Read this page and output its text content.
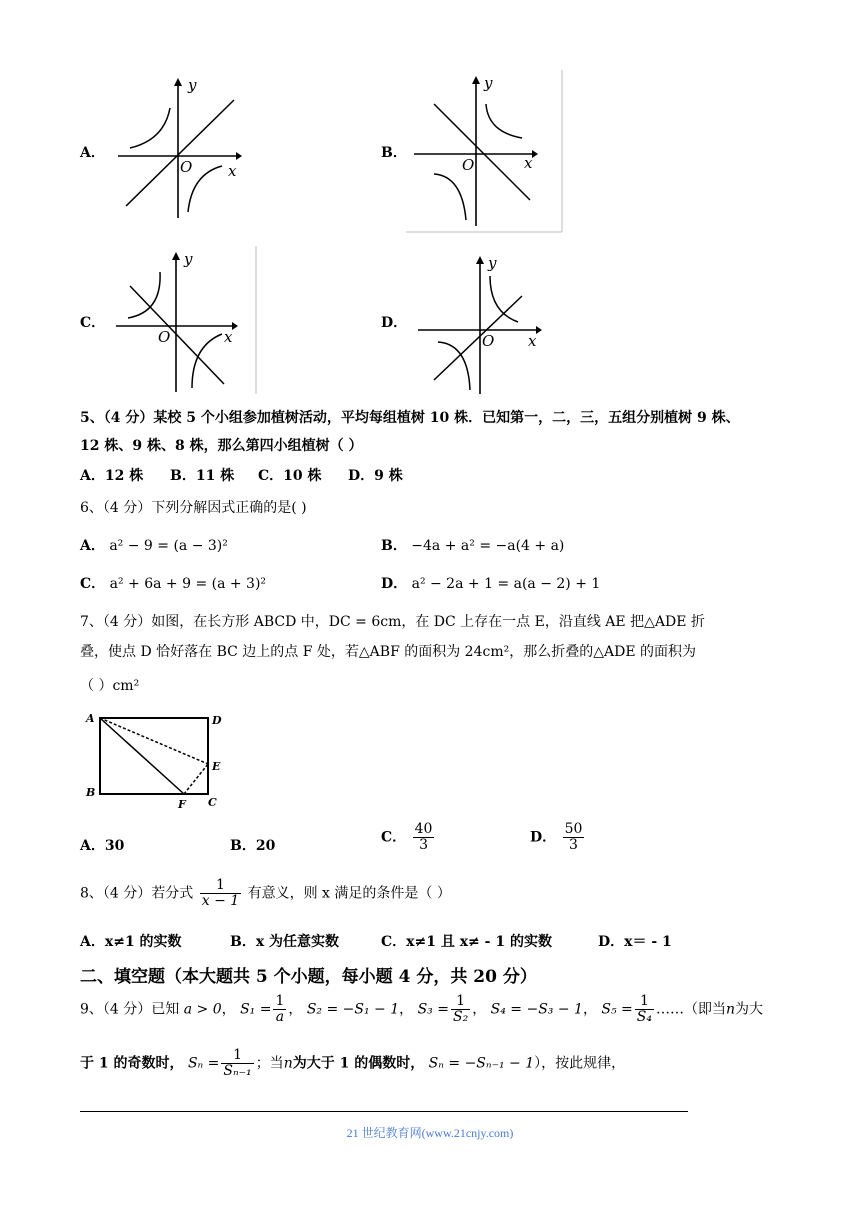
A．
y
x
O
B．
y
x
O
C．
y
x
O
D．
y
x
O
5、（4 分）某校 5 个小组参加植树活动，平均每组植树 10 株．已知第一，二，三，五组分别植树 9 株、
12 株、9 株、8 株，那么第四小组植树（ ）
A．12 株 B．11 株 C．10 株 D．9 株
6、（4 分）下列分解因式正确的是( )
A． a² − 9 = (a − 3)²	B． −4a + a² = −a(4 + a)
C． a² + 6a + 9 = (a + 3)²	D． a² − 2a + 1 = a(a − 2) + 1
7、（4 分）如图，在长方形 ABCD 中，DC = 6cm，在 DC 上存在一点 E，沿直线 AE 把△ADE 折
叠，使点 D 恰好落在 BC 边上的点 F 处，若△ABF 的面积为 24cm²，那么折叠的△ADE 的面积为
（ ）cm²
A	D
E
B
C
F
A．30	B．20
C． $\frac{40}{3}$	D． $\frac{50}{3}$
8、（4 分）若分式 $\frac{1}{x - 1}$ 有意义，则 x 满足的条件是（ ）
A．x≠1 的实数	B．x 为任意实数	C．x≠1 且 x≠ - 1 的实数	D．x＝ - 1
二、填空题（本大题共 5 个小题，每小题 4 分，共 20 分）
9、（4 分）已知 a > 0， $S_1 = \frac{1}{a}$ ， S₂ = −S₁ − 1， $S_3 = \frac{1}{\text{S₂}}$ ， S₄ = −S₃ − 1， $S_5 = \frac{1}{\text{S₄}}$ ……（即当n为大
于 1 的奇数时， $S_n = \frac{1}{\text{Sₙ₋₁}}$ ；当n为大于 1 的偶数时， Sₙ = −Sₙ₋₁ − 1），按此规律，
21 世纪教育网(www.21cnjy.com)
